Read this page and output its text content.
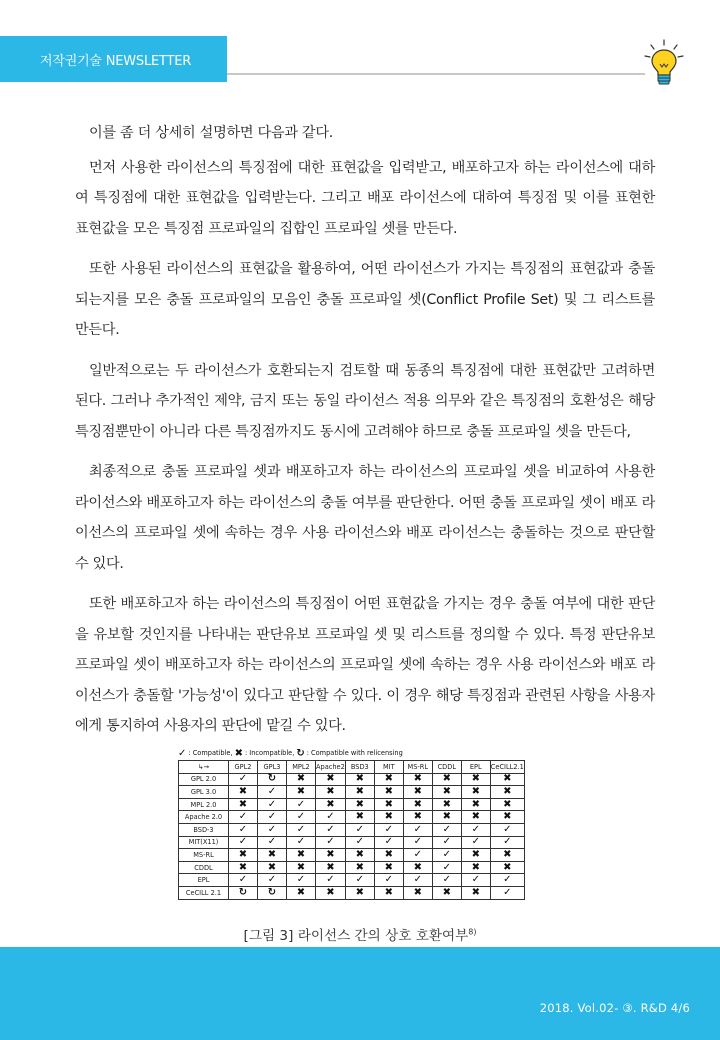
저작권기술 NEWSLETTER

이를 좀 더 상세히 설명하면 다음과 같다.

먼저 사용한 라이선스의 특징점에 대한 표현값을 입력받고, 배포하고자 하는 라이선스에 대하여 특징점에 대한 표현값을 입력받는다. 그리고 배포 라이선스에 대하여 특징점 및 이를 표현한 표현값을 모은 특징점 프로파일의 집합인 프로파일 셋를 만든다.

또한 사용된 라이선스의 표현값을 활용하여, 어떤 라이선스가 가지는 특징점의 표현값과 충돌되는지를 모은 충돌 프로파일의 모음인 충돌 프로파일 셋(Conflict Profile Set) 및 그 리스트를 만든다.

일반적으로는 두 라이선스가 호환되는지 검토할 때 동종의 특징점에 대한 표현값만 고려하면 된다. 그러나 추가적인 제약, 금지 또는 동일 라이선스 적용 의무와 같은 특징점의 호환성은 해당 특징점뿐만이 아니라 다른 특징점까지도 동시에 고려해야 하므로 충돌 프로파일 셋을 만든다,

최종적으로 충돌 프로파일 셋과 배포하고자 하는 라이선스의 프로파일 셋을 비교하여 사용한 라이선스와 배포하고자 하는 라이선스의 충돌 여부를 판단한다. 어떤 충돌 프로파일 셋이 배포 라이선스의 프로파일 셋에 속하는 경우 사용 라이선스와 배포 라이선스는 충돌하는 것으로 판단할 수 있다.

또한 배포하고자 하는 라이선스의 특징점이 어떤 표현값을 가지는 경우 충돌 여부에 대한 판단을 유보할 것인지를 나타내는 판단유보 프로파일 셋 및 리스트를 정의할 수 있다. 특정 판단유보 프로파일 셋이 배포하고자 하는 라이선스의 프로파일 셋에 속하는 경우 사용 라이선스와 배포 라이선스가 충돌할 '가능성'이 있다고 판단할 수 있다. 이 경우 해당 특징점과 관련된 사항을 사용자에게 통지하여 사용자의 판단에 맡길 수 있다.

✓ : Compatible, ✖ : Incompatible, ↻ : Compatible with relicensing
↳→	GPL2	GPL3	MPL2	Apache2	BSD3	MIT	MS-RL	CDDL	EPL	CeCILL2.1
GPL 2.0	✓	↻	✖	✖	✖	✖	✖	✖	✖	✖
GPL 3.0	✖	✓	✖	✖	✖	✖	✖	✖	✖	✖
MPL 2.0	✖	✓	✓	✖	✖	✖	✖	✖	✖	✖
Apache 2.0	✓	✓	✓	✓	✖	✖	✖	✖	✖	✖
BSD-3	✓	✓	✓	✓	✓	✓	✓	✓	✓	✓
MIT(X11)	✓	✓	✓	✓	✓	✓	✓	✓	✓	✓
MS-RL	✖	✖	✖	✖	✖	✖	✓	✓	✖	✖
CDDL	✖	✖	✖	✖	✖	✖	✖	✓	✖	✖
EPL	✓	✓	✓	✓	✓	✓	✓	✓	✓	✓
CeCILL 2.1	↻	↻	✖	✖	✖	✖	✖	✖	✖	✓
[그림 3] 라이선스 간의 상호 호환여부$^{8)}$
2018. Vol.02- ③. R&D 4/6
